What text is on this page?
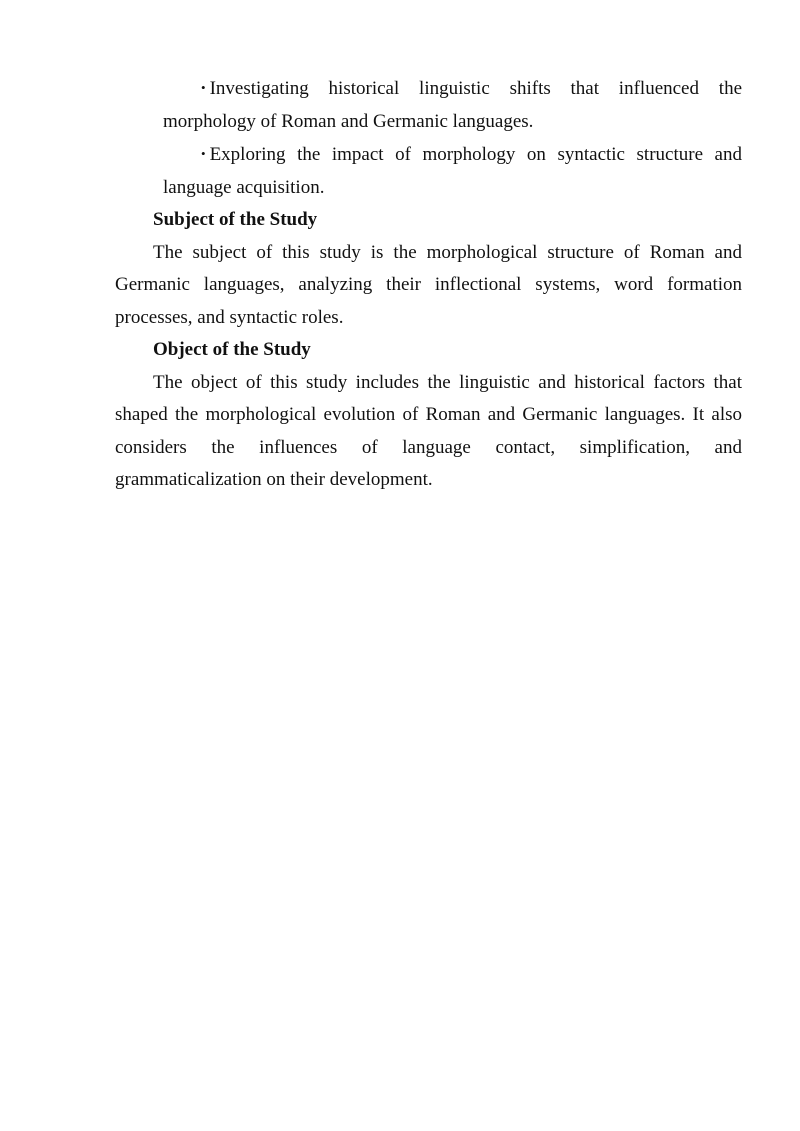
• Investigating historical linguistic shifts that influenced the morphology of Roman and Germanic languages.
• Exploring the impact of morphology on syntactic structure and language acquisition.
Subject of the Study

The subject of this study is the morphological structure of Roman and Germanic languages, analyzing their inflectional systems, word formation processes, and syntactic roles.

Object of the Study

The object of this study includes the linguistic and historical factors that shaped the morphological evolution of Roman and Germanic languages. It also considers the influences of language contact, simplification, and grammaticalization on their development.
